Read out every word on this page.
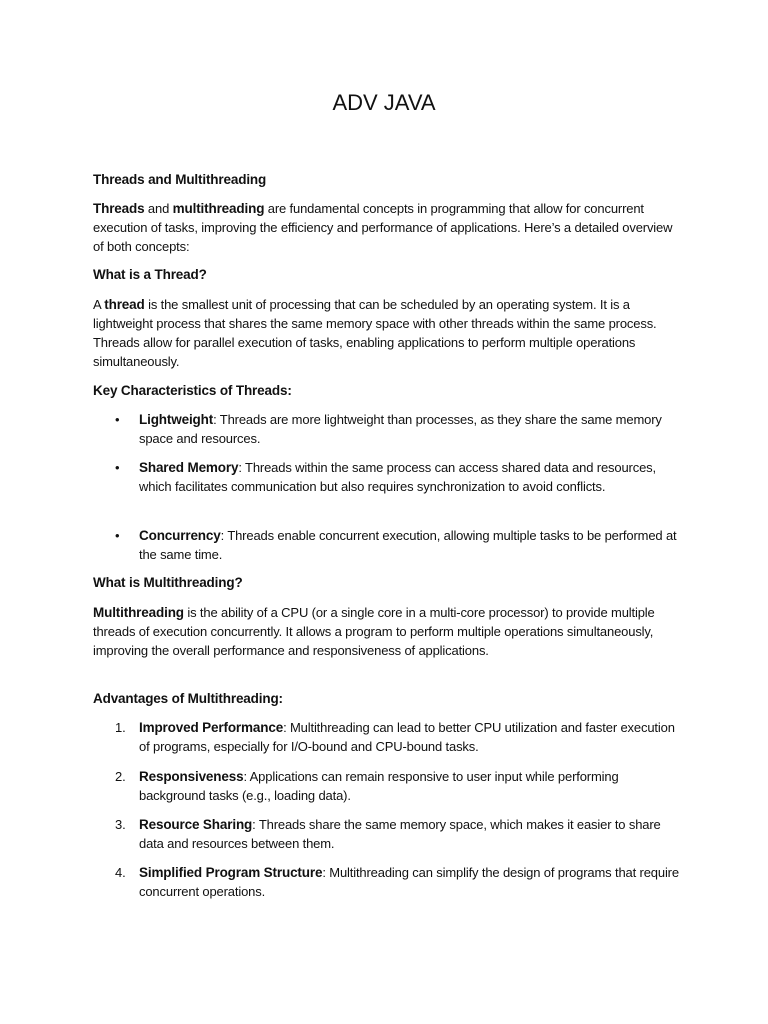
ADV JAVA
Threads and Multithreading
Threads and multithreading are fundamental concepts in programming that allow for concurrent execution of tasks, improving the efficiency and performance of applications. Here’s a detailed overview of both concepts:
What is a Thread?
A thread is the smallest unit of processing that can be scheduled by an operating system. It is a lightweight process that shares the same memory space with other threads within the same process. Threads allow for parallel execution of tasks, enabling applications to perform multiple operations simultaneously.
Key Characteristics of Threads:
• Lightweight: Threads are more lightweight than processes, as they share the same memory space and resources.
• Shared Memory: Threads within the same process can access shared data and resources, which facilitates communication but also requires synchronization to avoid conflicts.
• Concurrency: Threads enable concurrent execution, allowing multiple tasks to be performed at the same time.
What is Multithreading?
Multithreading is the ability of a CPU (or a single core in a multi-core processor) to provide multiple threads of execution concurrently. It allows a program to perform multiple operations simultaneously, improving the overall performance and responsiveness of applications.
Advantages of Multithreading:
1. Improved Performance: Multithreading can lead to better CPU utilization and faster execution of programs, especially for I/O-bound and CPU-bound tasks.
2. Responsiveness: Applications can remain responsive to user input while performing background tasks (e.g., loading data).
3. Resource Sharing: Threads share the same memory space, which makes it easier to share data and resources between them.
4. Simplified Program Structure: Multithreading can simplify the design of programs that require concurrent operations.
